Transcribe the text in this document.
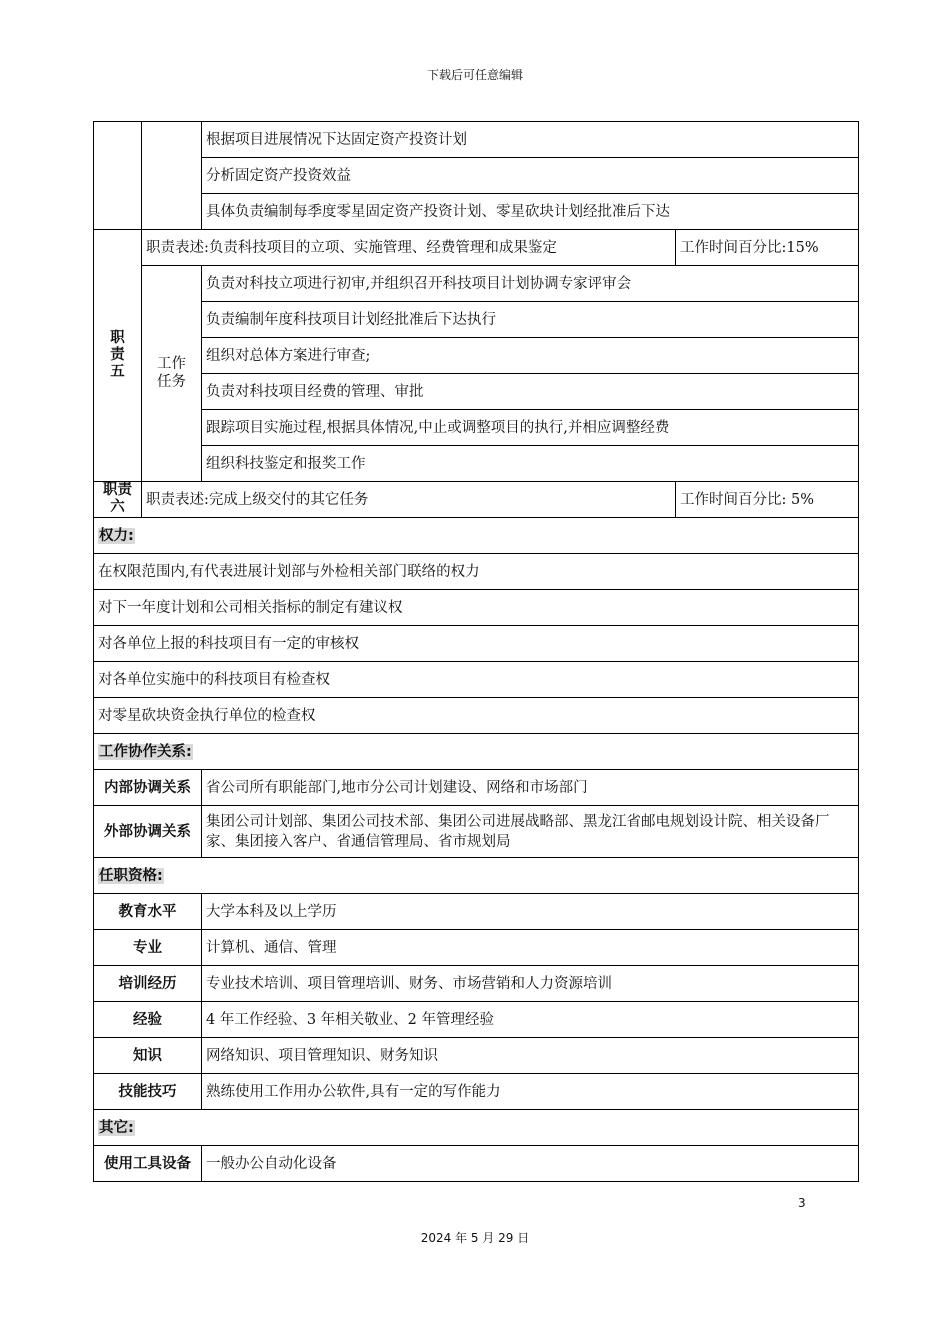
下载后可任意编辑
		根据项目进展情况下达固定资产投资计划	
		分析固定资产投资效益	
		具体负责编制每季度零星固定资产投资计划、零星砍块计划经批准后下达	
职责五	职责表述:负责科技项目的立项、实施管理、经费管理和成果鉴定		工作时间百分比:15%
	工作任务	负责对科技立项进行初审,并组织召开科技项目计划协调专家评审会	
		负责编制年度科技项目计划经批准后下达执行	
		组织对总体方案进行审查;	
		负责对科技项目经费的管理、审批	
		跟踪项目实施过程,根据具体情况,中止或调整项目的执行,并相应调整经费	
		组织科技鉴定和报奖工作	
职责六	职责表述:完成上级交付的其它任务		工作时间百分比: 5%
权力:			
在权限范围内,有代表进展计划部与外检相关部门联络的权力			
对下一年度计划和公司相关指标的制定有建议权			
对各单位上报的科技项目有一定的审核权			
对各单位实施中的科技项目有检查权			
对零星砍块资金执行单位的检查权			
工作协作关系:			
内部协调关系		省公司所有职能部门,地市分公司计划建设、网络和市场部门	
外部协调关系		集团公司计划部、集团公司技术部、集团公司进展战略部、黑龙江省邮电规划设计院、相关设备厂家、集团接入客户、省通信管理局、省市规划局	
任职资格:			
教育水平		大学本科及以上学历	
专业		计算机、通信、管理	
培训经历		专业技术培训、项目管理培训、财务、市场营销和人力资源培训	
经验		4 年工作经验、3 年相关敬业、2 年管理经验	
知识		网络知识、项目管理知识、财务知识	
技能技巧		熟练使用工作用办公软件,具有一定的写作能力	
其它:			
使用工具设备		一般办公自动化设备	
3
2024 年 5 月 29 日
